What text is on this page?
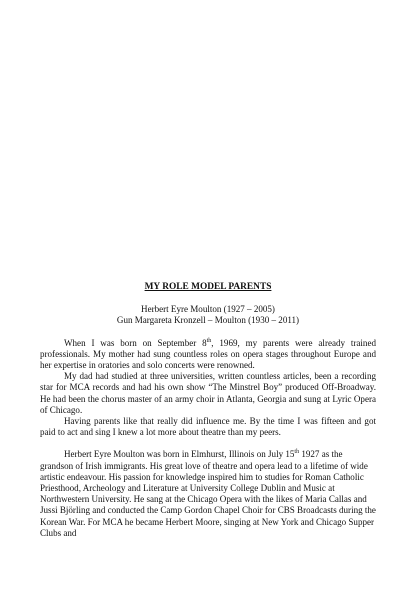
MY ROLE MODEL PARENTS
Herbert Eyre Moulton (1927 – 2005)
Gun Margareta Kronzell – Moulton (1930 – 2011)

When I was born on September 8th, 1969, my parents were already trained professionals. My mother had sung countless roles on opera stages throughout Europe and her expertise in oratories and solo concerts were renowned.

My dad had studied at three universities, written countless articles, been a recording star for MCA records and had his own show “The Minstrel Boy” produced Off-Broadway. He had been the chorus master of an army choir in Atlanta, Georgia and sung at Lyric Opera of Chicago.

Having parents like that really did influence me. By the time I was fifteen and got paid to act and sing I knew a lot more about theatre than my peers.

Herbert Eyre Moulton was born in Elmhurst, Illinois on July 15th 1927 as the grandson of Irish immigrants. His great love of theatre and opera lead to a lifetime of wide artistic endeavour. His passion for knowledge inspired him to studies for Roman Catholic Priesthood, Archeology and Literature at University College Dublin and Music at Northwestern University. He sang at the Chicago Opera with the likes of Maria Callas and Jussi Björling and conducted the Camp Gordon Chapel Choir for CBS Broadcasts during the Korean War. For MCA he became Herbert Moore, singing at New York and Chicago Supper Clubs and
